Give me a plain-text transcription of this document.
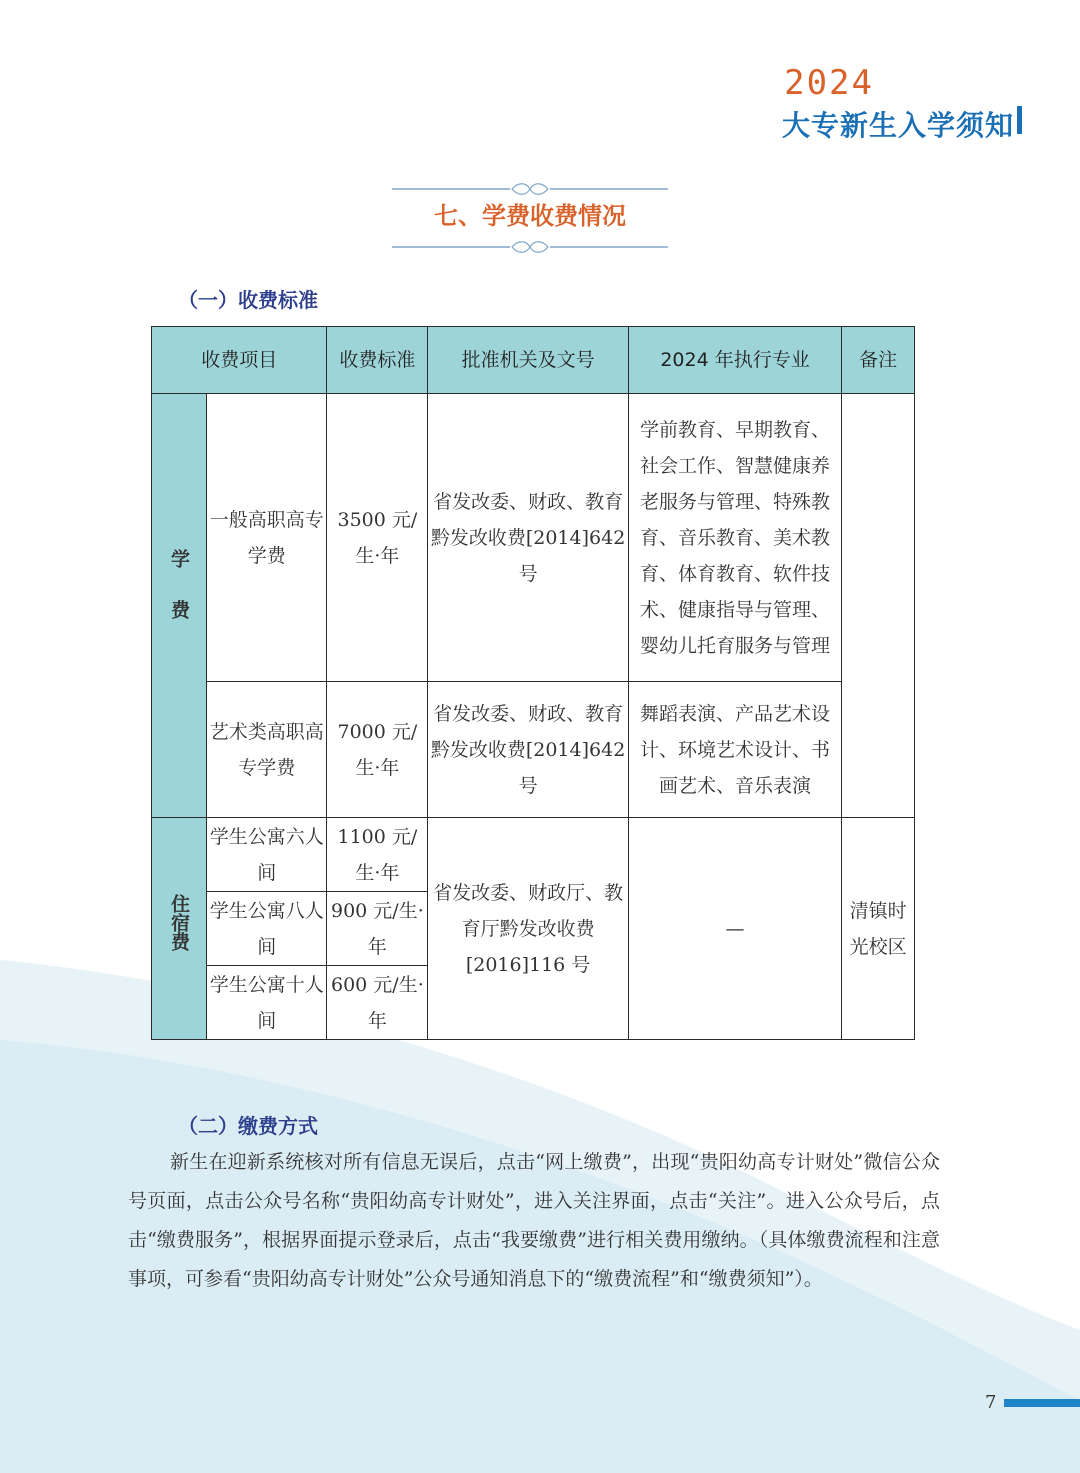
2024
大专新生入学须知
七、学费收费情况
（一）收费标准
收费项目		收费标准	批准机关及文号	2024 年执行专业	备注
学费	一般高职高专学费	3500 元/生·年	省发改委、财政、教育黔发改收费[2014]642 号	学前教育、早期教育、社会工作、智慧健康养老服务与管理、特殊教育、音乐教育、美术教育、体育教育、软件技术、健康指导与管理、婴幼儿托育服务与管理	
	艺术类高职高专学费	7000 元/生·年	省发改委、财政、教育黔发改收费[2014]642 号	舞蹈表演、产品艺术设计、环境艺术设计、书画艺术、音乐表演	
住宿费	学生公寓六人间	1100 元/生·年	省发改委、财政厅、教育厅黔发改收费[2016]116 号	—	清镇时光校区
	学生公寓八人间	900 元/生·年			
	学生公寓十人间	600 元/生·年			
（二）缴费方式
新生在迎新系统核对所有信息无误后，点击“网上缴费”，出现“贵阳幼高专计财处”微信公众号页面，点击公众号名称“贵阳幼高专计财处”，进入关注界面，点击“关注”。进入公众号后，点击“缴费服务”，根据界面提示登录后，点击“我要缴费”进行相关费用缴纳。（具体缴费流程和注意事项，可参看“贵阳幼高专计财处”公众号通知消息下的“缴费流程”和“缴费须知”）。
7
